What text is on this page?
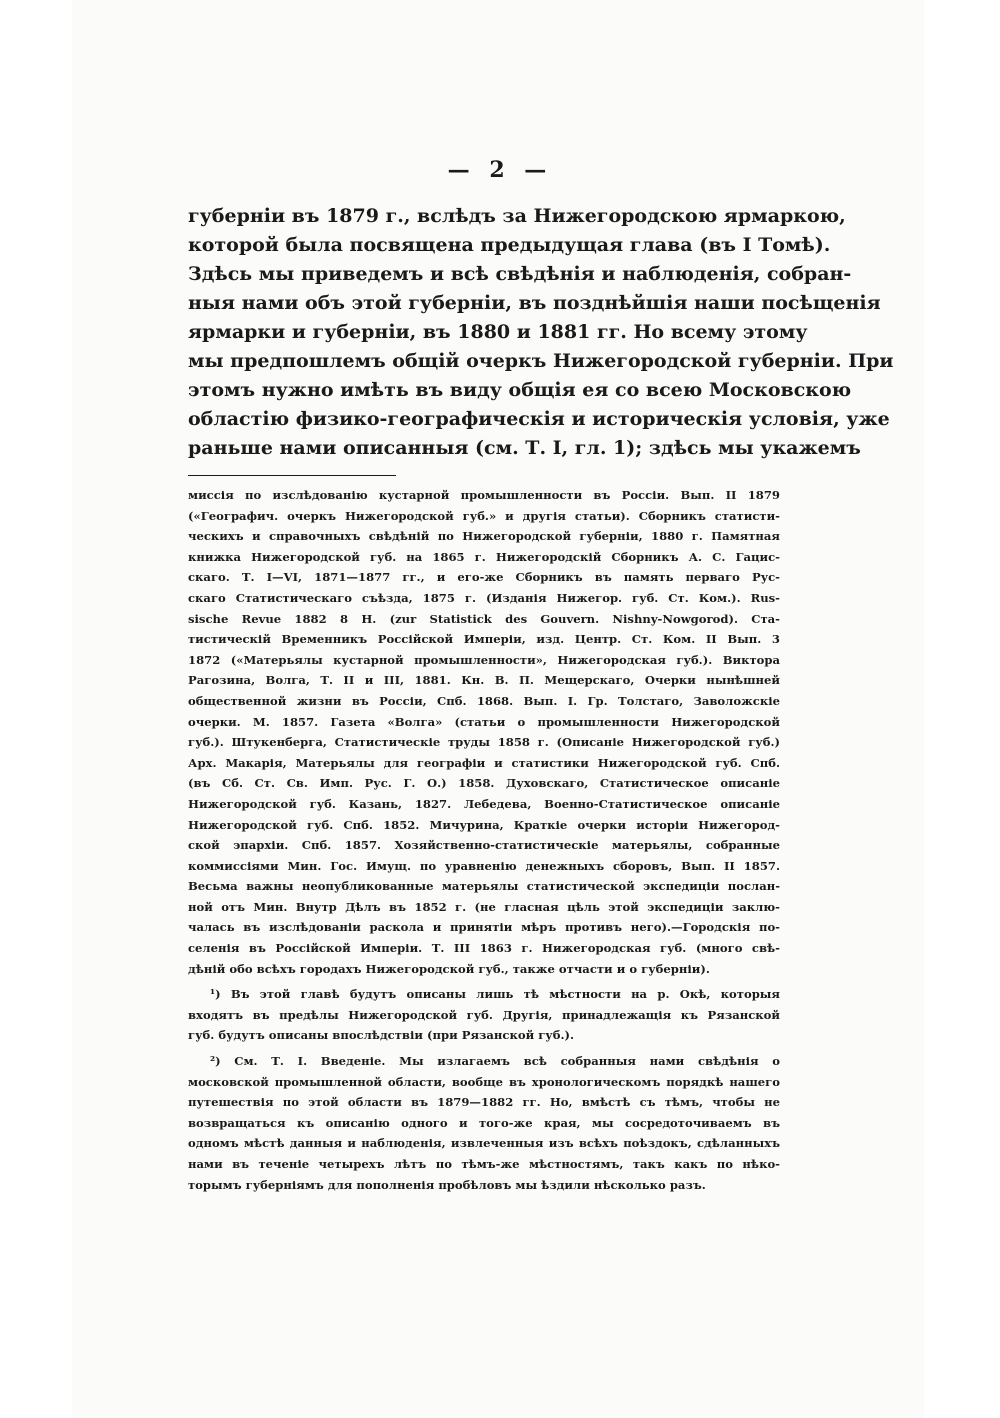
— 2 —
губерніи въ 1879 г., вслѣдъ за Нижегородскою ярмаркою,
которой была посвящена предыдущая глава (въ I Томѣ).
Здѣсь мы приведемъ и всѣ свѣдѣнія и наблюденія, собран-
ныя нами объ этой губерніи, въ позднѣйшія наши посѣщенія
ярмарки и губерніи, въ 1880 и 1881 гг. Но всему этому
мы предпошлемъ общій очеркъ Нижегородской губерніи. При
этомъ нужно имѣть въ виду общія ея со всею Московскою
областію физико-географическія и историческія условія, уже
раньше нами описанныя (см. Т. I, гл. 1); здѣсь мы укажемъ
миссія по изслѣдованію кустарной промышленности въ Россіи. Вып. II 1879
(«Географич. очеркъ Нижегородской губ.» и другія статьи). Сборникъ статисти-
ческихъ и справочныхъ свѣдѣній по Нижегородской губерніи, 1880 г. Памятная
книжка Нижегородской губ. на 1865 г. Нижегородскій Сборникъ А. С. Гацис-
скаго. Т. I—VI, 1871—1877 гг., и его-же Сборникъ въ память перваго Рус-
скаго Статистическаго съѣзда, 1875 г. (Изданія Нижегор. губ. Ст. Ком.). Rus-
sische Revue 1882 8 H. (zur Statistick des Gouvern. Nishny-Nowgorod). Ста-
тистическій Временникъ Россійской Имперіи, изд. Центр. Ст. Ком. II Вып. 3
1872 («Матерьялы кустарной промышленности», Нижегородская губ.). Виктора
Рагозина, Волга, Т. II и III, 1881. Кн. В. П. Мещерскаго, Очерки нынѣшней
общественной жизни въ Россіи, Спб. 1868. Вып. I. Гр. Толстаго, Заволожскіе
очерки. М. 1857. Газета «Волга» (статьи о промышленности Нижегородской
губ.). Штукенберга, Статистическіе труды 1858 г. (Описаніе Нижегородской губ.)
Арх. Макарія, Матерьялы для географіи и статистики Нижегородской губ. Спб.
(въ Сб. Ст. Св. Имп. Рус. Г. О.) 1858. Духовскаго, Статистическое описаніе
Нижегородской губ. Казань, 1827. Лебедева, Военно-Статистическое описаніе
Нижегородской губ. Спб. 1852. Мичурина, Краткіе очерки исторіи Нижегород-
ской эпархіи. Спб. 1857. Хозяйственно-статистическіе матерьялы, собранные
коммиссіями Мин. Гос. Имущ. по уравненію денежныхъ сборовъ, Вып. II 1857.
Весьма важны неопубликованные матерьялы статистической экспедиціи послан-
ной отъ Мин. Внутр Дѣлъ въ 1852 г. (не гласная цѣль этой экспедиціи заклю-
чалась въ изслѣдованіи раскола и принятіи мѣръ противъ него).—Городскія по-
селенія въ Россійской Имперіи. Т. III 1863 г. Нижегородская губ. (много свѣ-
дѣній обо всѣхъ городахъ Нижегородской губ., также отчасти и о губерніи).
¹) Въ этой главѣ будутъ описаны лишь тѣ мѣстности на р. Окѣ, которыя
входятъ въ предѣлы Нижегородской губ. Другія, принадлежащія къ Рязанской
губ. будутъ описаны впослѣдствіи (при Рязанской губ.).
²) См. Т. I. Введеніе. Мы излагаемъ всѣ собранныя нами свѣдѣнія о
московской промышленной области, вообще въ хронологическомъ порядкѣ нашего
путешествія по этой области въ 1879—1882 гг. Но, вмѣстѣ съ тѣмъ, чтобы не
возвращаться къ описанію одного и того-же края, мы сосредоточиваемъ въ
одномъ мѣстѣ данныя и наблюденія, извлеченныя изъ всѣхъ поѣздокъ, сдѣланныхъ
нами въ теченіе четырехъ лѣтъ по тѣмъ-же мѣстностямъ, такъ какъ по нѣко-
торымъ губерніямъ для пополненія пробѣловъ мы ѣздили нѣсколько разъ.
